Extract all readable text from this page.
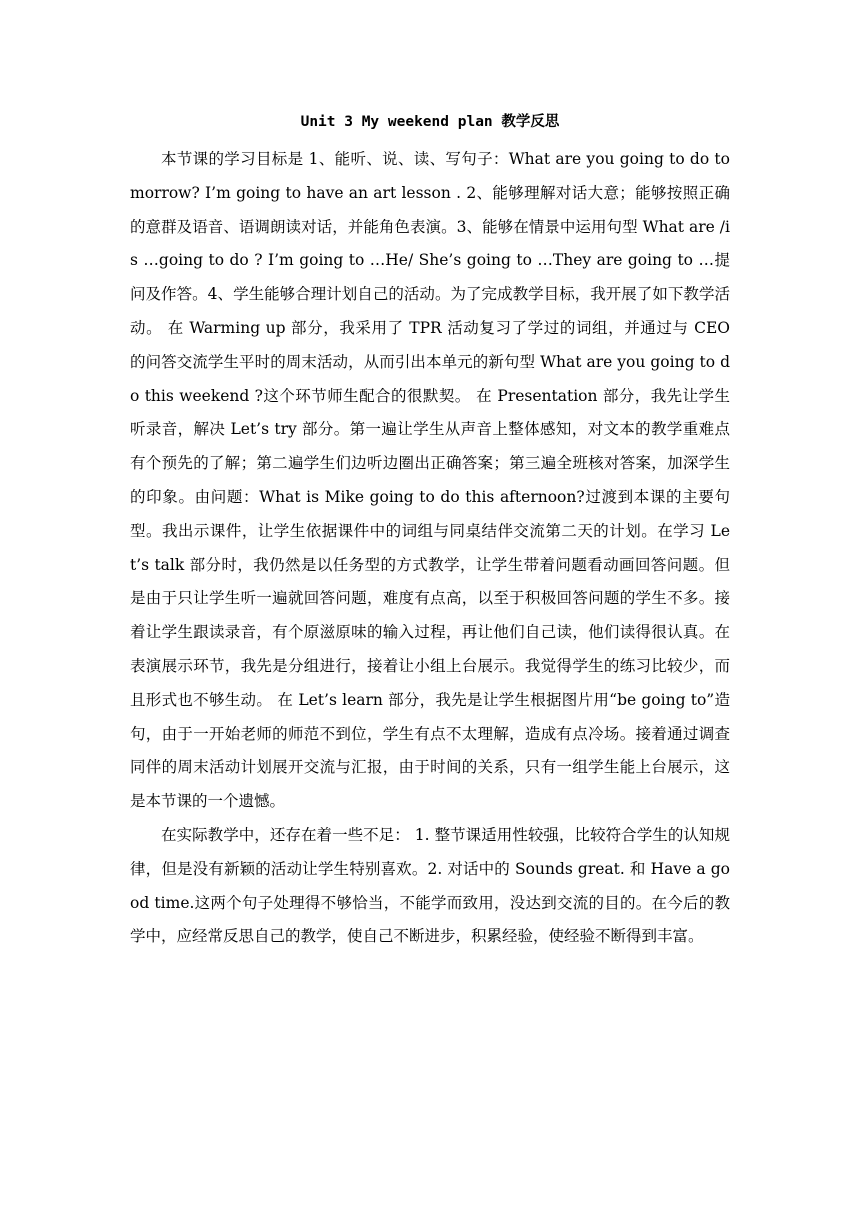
Unit 3 My weekend plan 教学反思

本节课的学习目标是 1、能听、说、读、写句子：What are you going to do tomorrow? I’m going to have an art lesson . 2、能够理解对话大意；能够按照正确的意群及语音、语调朗读对话，并能角色表演。3、能够在情景中运用句型 What are /is …going to do ? I’m going to …He/ She’s going to …They are going to …提问及作答。4、学生能够合理计划自己的活动。为了完成教学目标，我开展了如下教学活动。 在 Warming up 部分，我采用了 TPR 活动复习了学过的词组，并通过与 CEO 的问答交流学生平时的周末活动，从而引出本单元的新句型 What are you going to do this weekend ?这个环节师生配合的很默契。 在 Presentation 部分，我先让学生听录音，解决 Let’s try 部分。第一遍让学生从声音上整体感知，对文本的教学重难点有个预先的了解；第二遍学生们边听边圈出正确答案；第三遍全班核对答案，加深学生的印象。由问题：What is Mike going to do this afternoon?过渡到本课的主要句型。我出示课件，让学生依据课件中的词组与同桌结伴交流第二天的计划。在学习 Let’s talk 部分时，我仍然是以任务型的方式教学，让学生带着问题看动画回答问题。但是由于只让学生听一遍就回答问题，难度有点高，以至于积极回答问题的学生不多。接着让学生跟读录音，有个原滋原味的输入过程，再让他们自己读，他们读得很认真。在表演展示环节，我先是分组进行，接着让小组上台展示。我觉得学生的练习比较少，而且形式也不够生动。 在 Let’s learn 部分，我先是让学生根据图片用“be going to”造句，由于一开始老师的师范不到位，学生有点不太理解，造成有点冷场。接着通过调查同伴的周末活动计划展开交流与汇报，由于时间的关系，只有一组学生能上台展示，这是本节课的一个遗憾。

在实际教学中，还存在着一些不足： 1. 整节课适用性较强，比较符合学生的认知规律，但是没有新颖的活动让学生特别喜欢。2. 对话中的 Sounds great. 和 Have a good time.这两个句子处理得不够恰当，不能学而致用，没达到交流的目的。在今后的教学中，应经常反思自己的教学，使自己不断进步，积累经验，使经验不断得到丰富。
